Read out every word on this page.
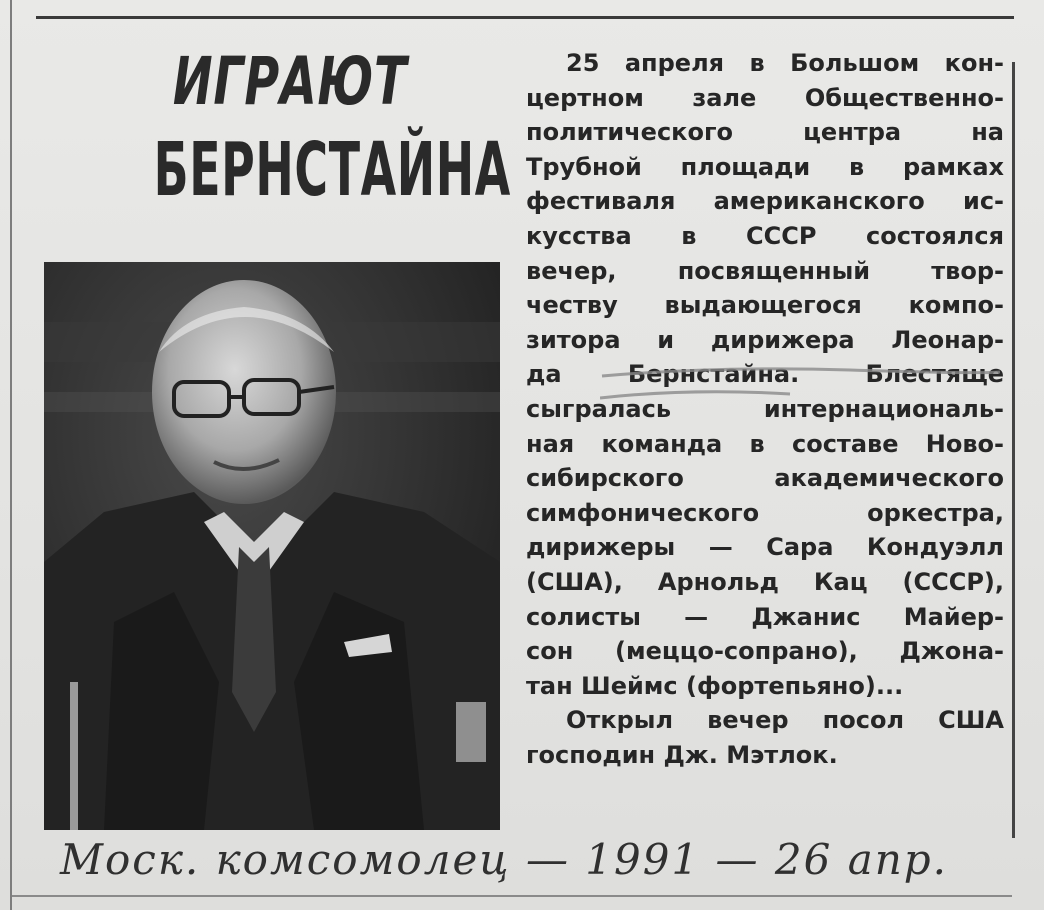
ИГРАЮТ
БЕРНСТАЙНА
25 апреля в Большом кон-
цертном зале Общественно-
политического центра на
Трубной площади в рамках
фестиваля американского ис-
кусства в СССР состоялся
вечер, посвященный твор-
честву выдающегося компо-
зитора и дирижера Леонар-
да Бернстайна. Блестяще
сыгралась интернациональ-
ная команда в составе Ново-
сибирского академического
симфонического оркестра,
дирижеры — Сара Кондуэлл
(США), Арнольд Кац (СССР),
солисты — Джанис Майер-
сон (меццо-сопрано), Джона-
тан Шеймс (фортепьяно)...
Открыл вечер посол США
господин Дж. Мэтлок.
Моск. комсомолец — 1991 — 26 апр.
